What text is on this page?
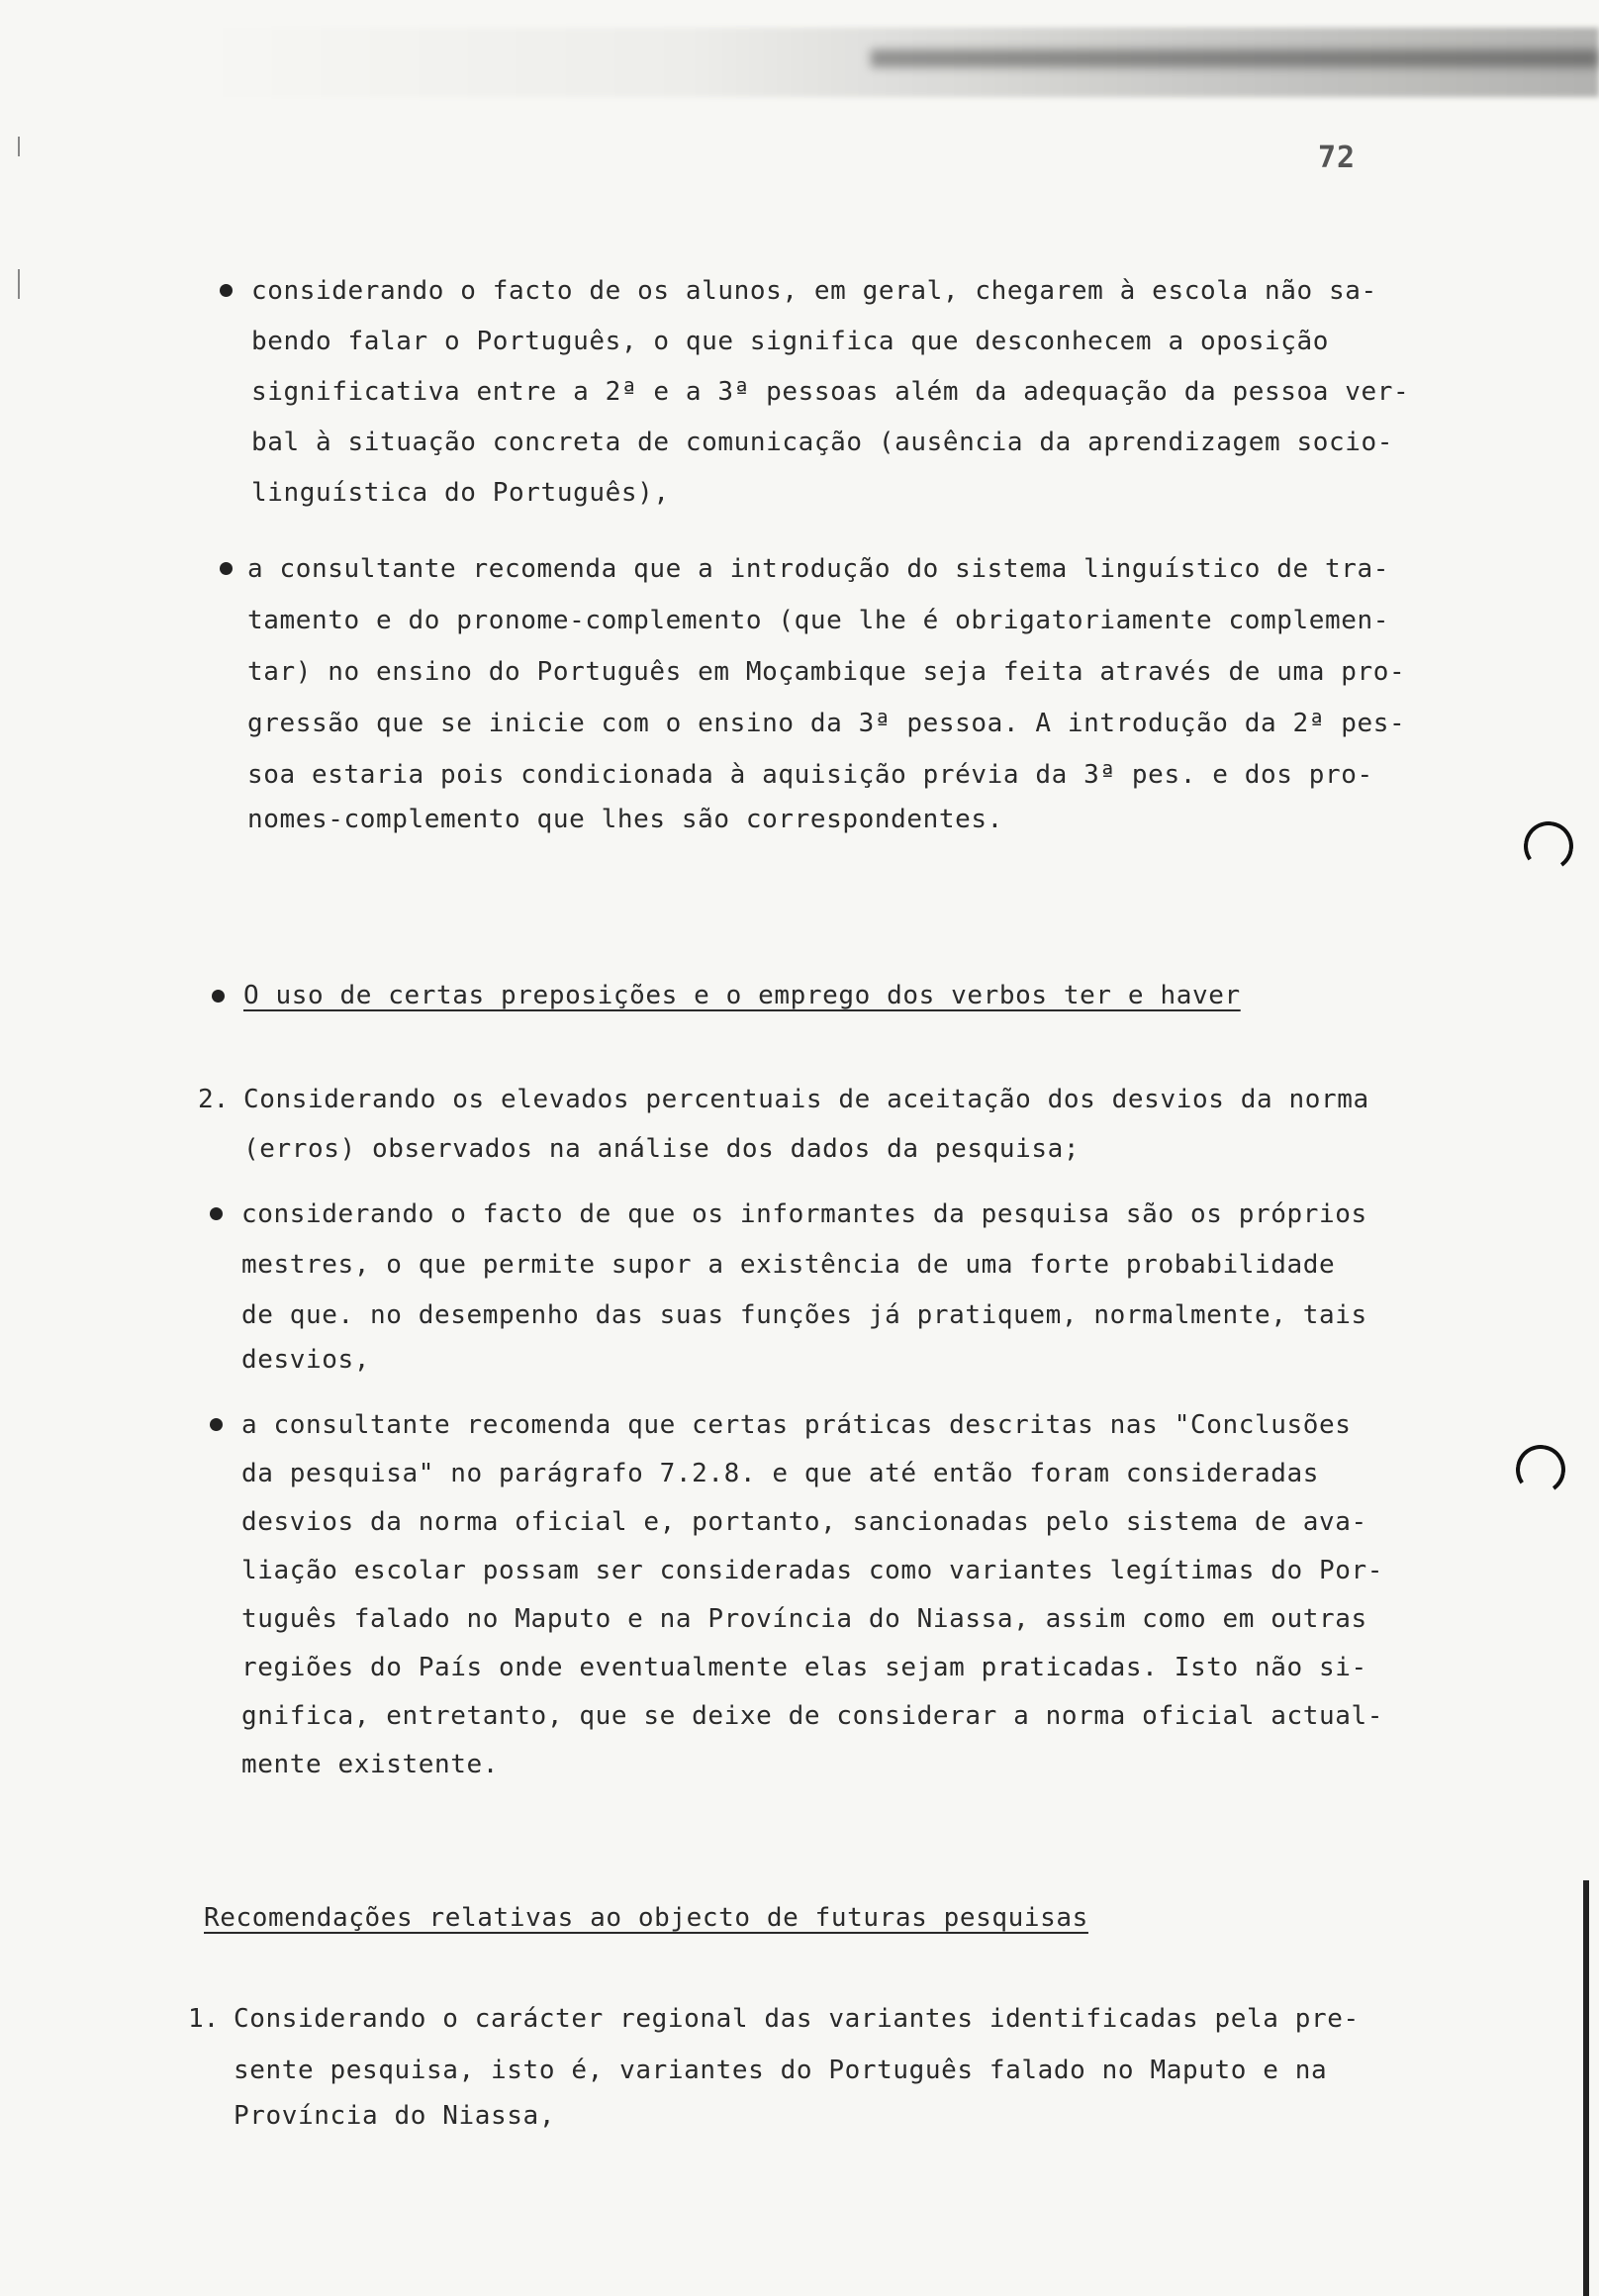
72
considerando o facto de os alunos, em geral, chegarem à escola não sa-
bendo falar o Português, o que significa que desconhecem a oposição
significativa entre a 2ª e a 3ª pessoas além da adequação da pessoa ver-
bal à situação concreta de comunicação (ausência da aprendizagem socio-
linguística do Português),
a consultante recomenda que a introdução do sistema linguístico de tra-
tamento e do pronome-complemento (que lhe é obrigatoriamente complemen-
tar) no ensino do Português em Moçambique seja feita através de uma pro-
gressão que se inicie com o ensino da 3ª pessoa. A introdução da 2ª pes-
soa estaria pois condicionada à aquisição prévia da 3ª pes. e dos pro-
nomes-complemento que lhes são correspondentes.
O uso de certas preposições e o emprego dos verbos ter e haver
2. Considerando os elevados percentuais de aceitação dos desvios da norma
(erros) observados na análise dos dados da pesquisa;
considerando o facto de que os informantes da pesquisa são os próprios
mestres, o que permite supor a existência de uma forte probabilidade
de que. no desempenho das suas funções já pratiquem, normalmente, tais
desvios,
a consultante recomenda que certas práticas descritas nas "Conclusões
da pesquisa" no parágrafo 7.2.8. e que até então foram consideradas
desvios da norma oficial e, portanto, sancionadas pelo sistema de ava-
liação escolar possam ser consideradas como variantes legítimas do Por-
tuguês falado no Maputo e na Província do Niassa, assim como em outras
regiões do País onde eventualmente elas sejam praticadas. Isto não si-
gnifica, entretanto, que se deixe de considerar a norma oficial actual-
mente existente.
Recomendações relativas ao objecto de futuras pesquisas
1. Considerando o carácter regional das variantes identificadas pela pre-
sente pesquisa, isto é, variantes do Português falado no Maputo e na
Província do Niassa,
